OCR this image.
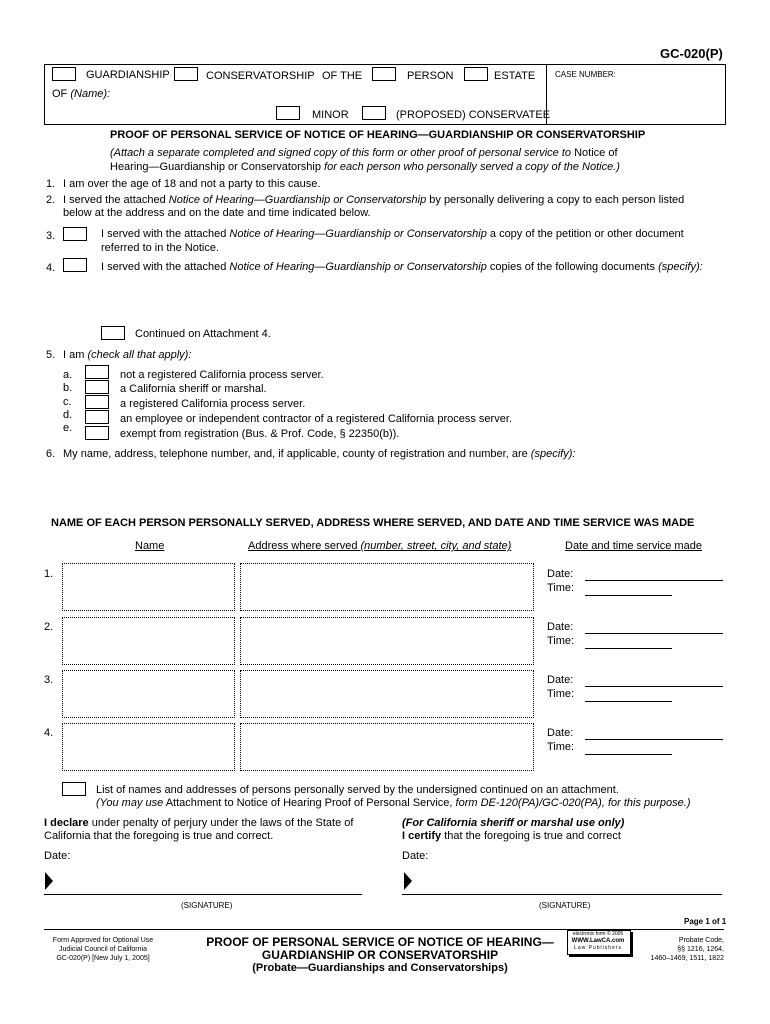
GC-020(P)
GUARDIANSHIP	CONSERVATORSHIP OF THE	PERSON	ESTATE CASE NUMBER:
OF (Name):
MINOR	(PROPOSED) CONSERVATEE
PROOF OF PERSONAL SERVICE OF NOTICE OF HEARING—GUARDIANSHIP OR CONSERVATORSHIP
(Attach a separate completed and signed copy of this form or other proof of personal service to Notice of
Hearing—Guardianship or Conservatorship for each person who personally served a copy of the Notice.)
1. I am over the age of 18 and not a party to this cause.
2. I served the attached Notice of Hearing—Guardianship or Conservatorship by personally delivering a copy to each person listed
below at the address and on the date and time indicated below.
3.	I served with the attached Notice of Hearing—Guardianship or Conservatorship a copy of the petition or other document
referred to in the Notice.
4.	I served with the attached Notice of Hearing—Guardianship or Conservatorship copies of the following documents (specify):
Continued on Attachment 4.
5. I am (check all that apply):
a.	not a registered California process server.
b.	a California sheriff or marshal.
c.	a registered California process server.
d.	an employee or independent contractor of a registered California process server.
e.	exempt from registration (Bus. & Prof. Code, § 22350(b)).
6. My name, address, telephone number, and, if applicable, county of registration and number, are (specify):
NAME OF EACH PERSON PERSONALLY SERVED, ADDRESS WHERE SERVED, AND DATE AND TIME SERVICE WAS MADE
Name	Address where served (number, street, city, and state)	Date and time service made
1.	Date:
Time:
2.	Date:
Time:
3.	Date:
Time:
4.	Date:
Time:
List of names and addresses of persons personally served by the undersigned continued on an attachment.
(You may use Attachment to Notice of Hearing Proof of Personal Service, form DE-120(PA)/GC-020(PA), for this purpose.)
I declare under penalty of perjury under the laws of the State of
California that the foregoing is true and correct.
(For California sheriff or marshal use only)
I certify that the foregoing is true and correct
Date:	Date:
(SIGNATURE)	(SIGNATURE)
Page 1 of 1
Form Approved for Optional Use
Judicial Council of California
GC-020(P) [New July 1, 2005]
PROOF OF PERSONAL SERVICE OF NOTICE OF HEARING—
GUARDIANSHIP OR CONSERVATORSHIP
(Probate—Guardianships and Conservatorships)
electronic form © 2005
WWW.LawCA.com
Law Publishers
Probate Code,
§§ 1216, 1264,
1460–1469, 1511, 1822
